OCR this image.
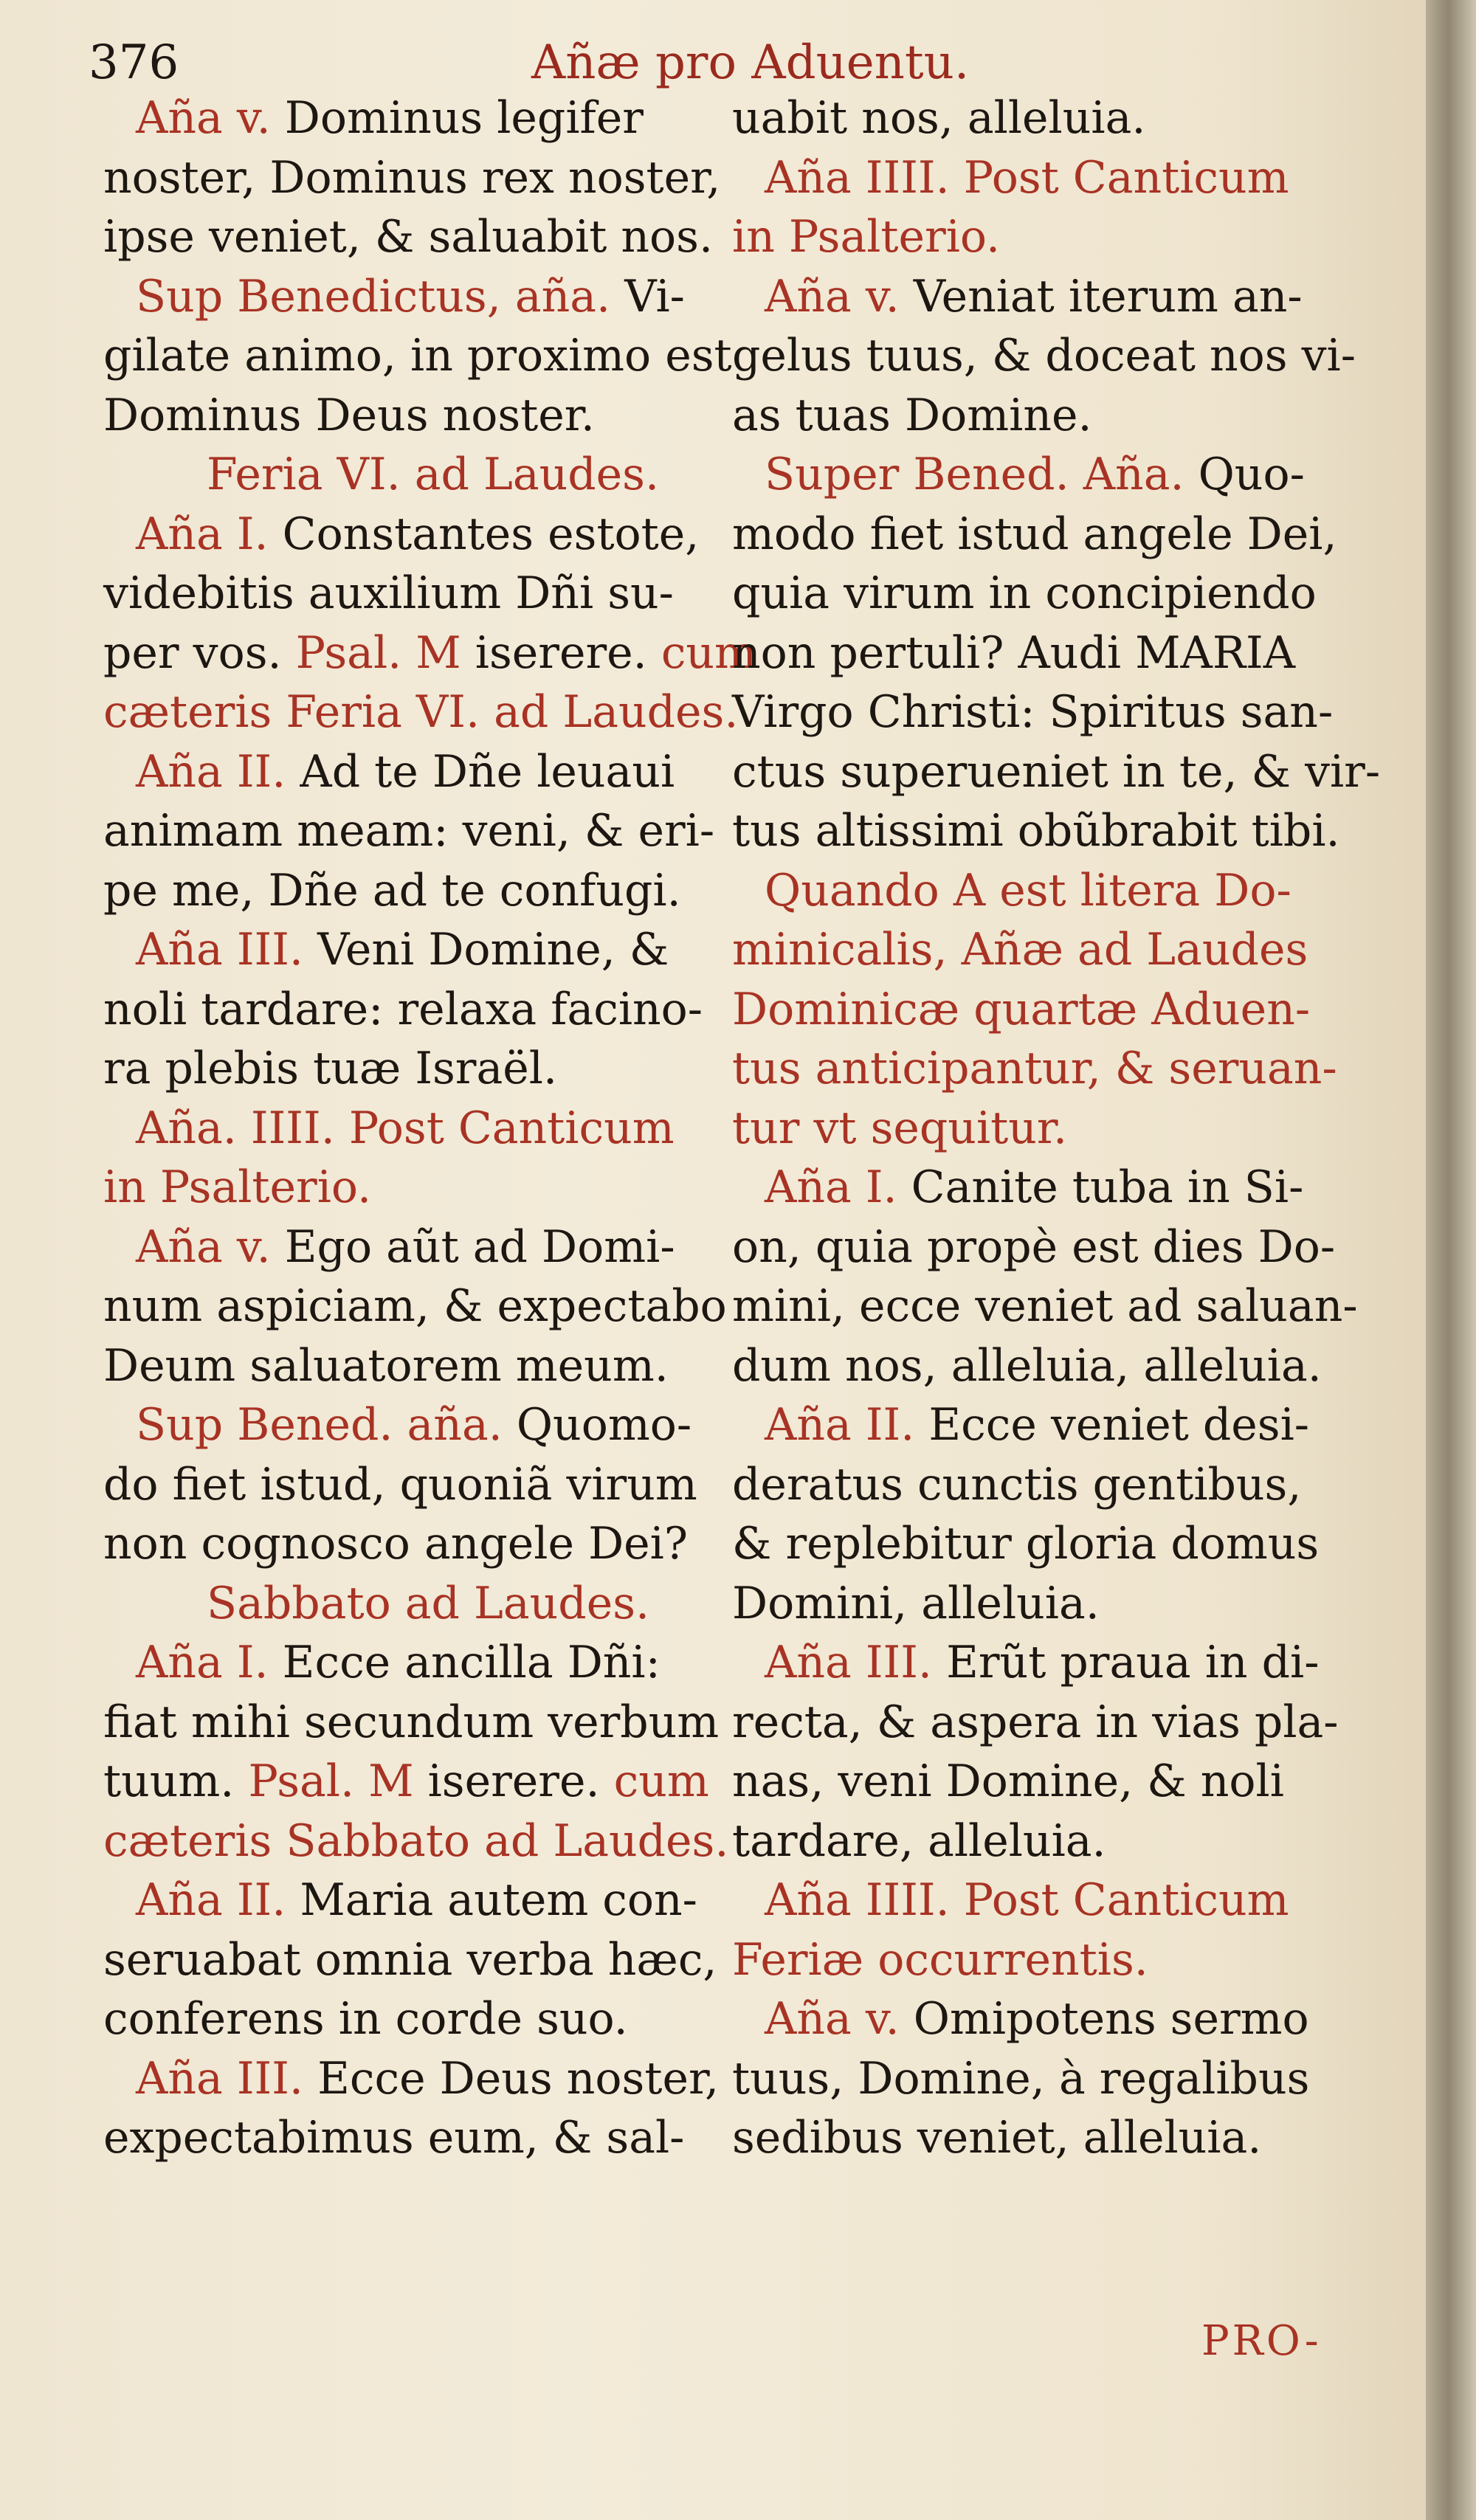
376	Añæ pro Aduentu.
Aña v. Dominus legifer
noster, Dominus rex noster,
ipse veniet, & saluabit nos.
Sup Benedictus, aña. Vi-
gilate animo, in proximo est
Dominus Deus noster.
Feria VI. ad Laudes.
Aña I. Constantes estote,
videbitis auxilium Dñi su-
per vos. Psal. M iserere. cum
cæteris Feria VI. ad Laudes.
Aña II. Ad te Dñe leuaui
animam meam: veni, & eri-
pe me, Dñe ad te confugi.
Aña III. Veni Domine, &
noli tardare: relaxa facino-
ra plebis tuæ Israël.
Aña. IIII. Post Canticum
in Psalterio.
Aña v. Ego aũt ad Domi-
num aspiciam, & expectabo
Deum saluatorem meum.
Sup Bened. aña. Quomo-
do fiet istud, quoniã virum
non cognosco angele Dei?
Sabbato ad Laudes.
Aña I. Ecce ancilla Dñi:
fiat mihi secundum verbum
tuum. Psal. M iserere. cum
cæteris Sabbato ad Laudes.
Aña II. Maria autem con-
seruabat omnia verba hæc,
conferens in corde suo.
Aña III. Ecce Deus noster,
expectabimus eum, & sal-
uabit nos, alleluia.
Aña IIII. Post Canticum
in Psalterio.
Aña v. Veniat iterum an-
gelus tuus, & doceat nos vi-
as tuas Domine.
Super Bened. Aña. Quo-
modo fiet istud angele Dei,
quia virum in concipiendo
non pertuli? Audi MARIA
Virgo Christi: Spiritus san-
ctus superueniet in te, & vir-
tus altissimi obũbrabit tibi.
Quando A est litera Do-
minicalis, Añæ ad Laudes
Dominicæ quartæ Aduen-
tus anticipantur, & seruan-
tur vt sequitur.
Aña I. Canite tuba in Si-
on, quia propè est dies Do-
mini, ecce veniet ad saluan-
dum nos, alleluia, alleluia.
Aña II. Ecce veniet desi-
deratus cunctis gentibus,
& replebitur gloria domus
Domini, alleluia.
Aña III. Erũt praua in di-
recta, & aspera in vias pla-
nas, veni Domine, & noli
tardare, alleluia.
Aña IIII. Post Canticum
Feriæ occurrentis.
Aña v. Omipotens sermo
tuus, Domine, à regalibus
sedibus veniet, alleluia.
PRO-
